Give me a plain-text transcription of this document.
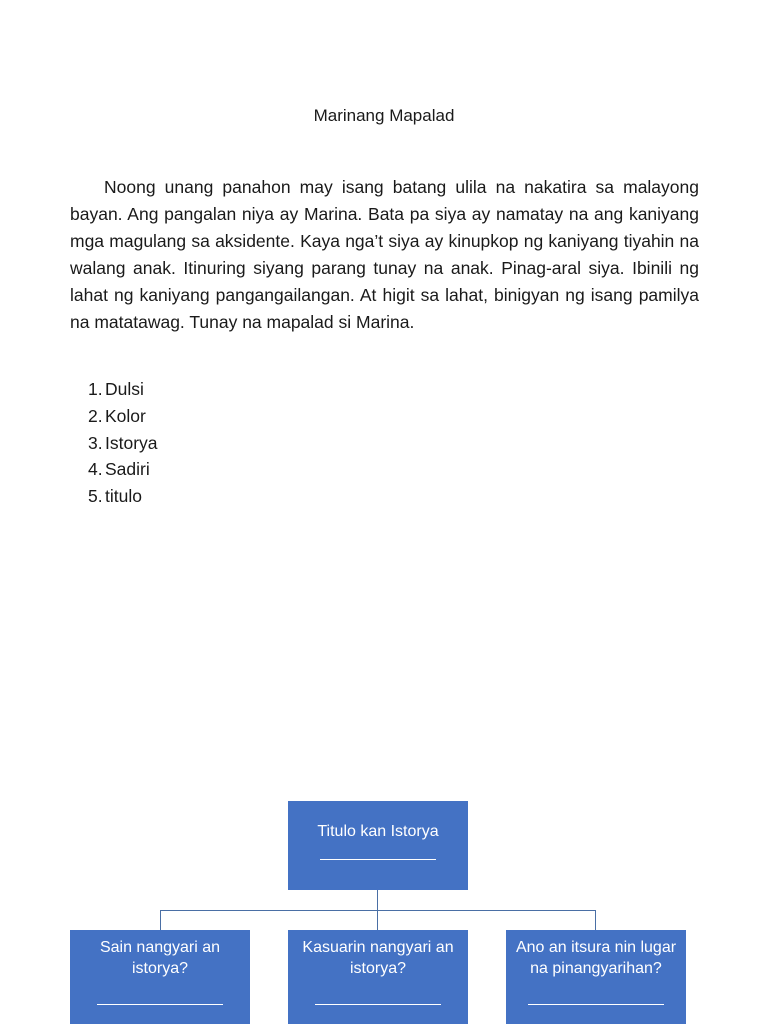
Marinang Mapalad

Noong unang panahon may isang batang ulila na nakatira sa malayong bayan. Ang pangalan niya ay Marina. Bata pa siya ay namatay na ang kaniyang mga magulang sa aksidente. Kaya nga’t siya ay kinupkop ng kaniyang tiyahin na walang anak. Itinuring siyang parang tunay na anak. Pinag-aral siya. Ibinili ng lahat ng kaniyang pangangailangan. At higit sa lahat, binigyan ng isang pamilya na matatawag. Tunay na mapalad si Marina.

1. Dulsi
2. Kolor
3. Istorya
4. Sadiri
5. titulo
Titulo kan Istorya
Sain nangyari an
istorya?
Kasuarin nangyari an
istorya?
Ano an itsura nin lugar
na pinangyarihan?
